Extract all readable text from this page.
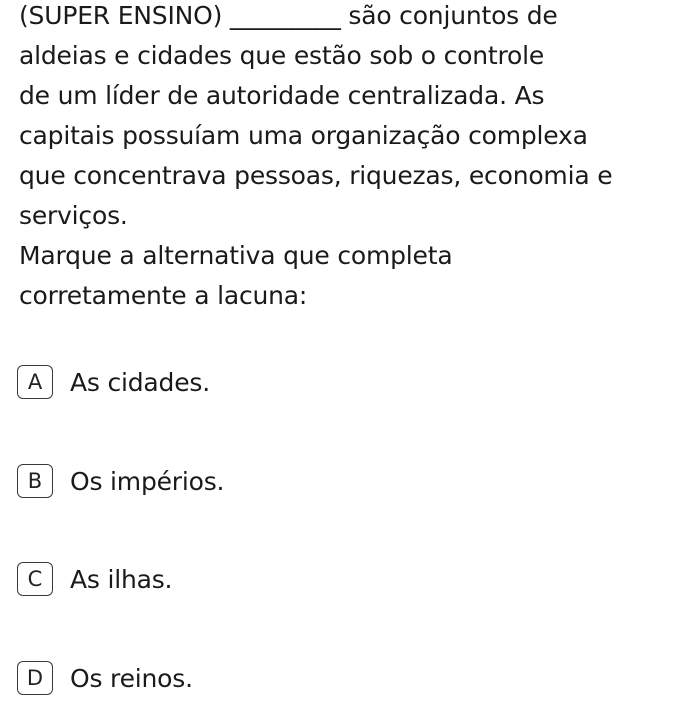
(SUPER ENSINO) _________ são conjuntos de
aldeias e cidades que estão sob o controle
de um líder de autoridade centralizada. As
capitais possuíam uma organização complexa
que concentrava pessoas, riquezas, economia e
serviços.
Marque a alternativa que completa
corretamente a lacuna:
A	As cidades.
B	Os impérios.
C	As ilhas.
D	Os reinos.
